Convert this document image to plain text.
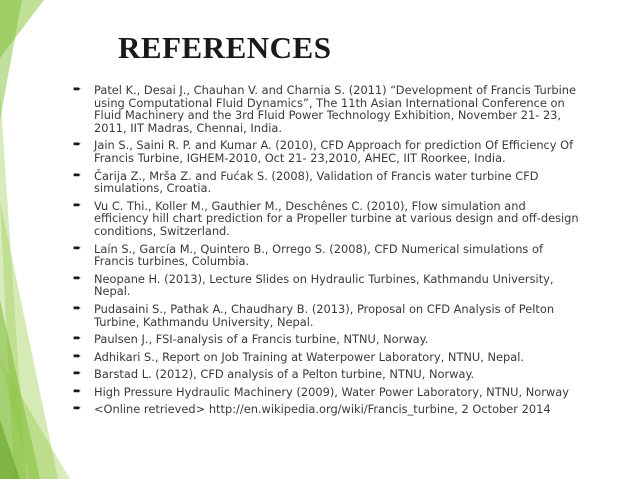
REFERENCES
➨ Patel K., Desai J., Chauhan V. and Charnia S. (2011) “Development of Francis Turbine using Computational Fluid Dynamics”, The 11th Asian International Conference on Fluid Machinery and the 3rd Fluid Power Technology Exhibition, November 21- 23, 2011, IIT Madras, Chennai, India.
➨ Jain S., Saini R. P. and Kumar A. (2010), CFD Approach for prediction Of Efficiency Of Francis Turbine, IGHEM-2010, Oct 21- 23,2010, AHEC, IIT Roorkee, India.
➨ Čarija Z., Mrša Z. and Fućak S. (2008), Validation of Francis water turbine CFD simulations, Croatia.
➨ Vu C. Thi., Koller M., Gauthier M., Deschênes C. (2010), Flow simulation and efficiency hill chart prediction for a Propeller turbine at various design and off-design conditions, Switzerland.
➨ Laín S., García M., Quintero B., Orrego S. (2008), CFD Numerical simulations of Francis turbines, Columbia.
➨ Neopane H. (2013), Lecture Slides on Hydraulic Turbines, Kathmandu University, Nepal.
➨ Pudasaini S., Pathak A., Chaudhary B. (2013), Proposal on CFD Analysis of Pelton Turbine, Kathmandu University, Nepal.
➨ Paulsen J., FSI-analysis of a Francis turbine, NTNU, Norway.
➨ Adhikari S., Report on Job Training at Waterpower Laboratory, NTNU, Nepal.
➨ Barstad L. (2012), CFD analysis of a Pelton turbine, NTNU, Norway.
➨ High Pressure Hydraulic Machinery (2009), Water Power Laboratory, NTNU, Norway
➨ <Online retrieved> http://en.wikipedia.org/wiki/Francis_turbine, 2 October 2014
